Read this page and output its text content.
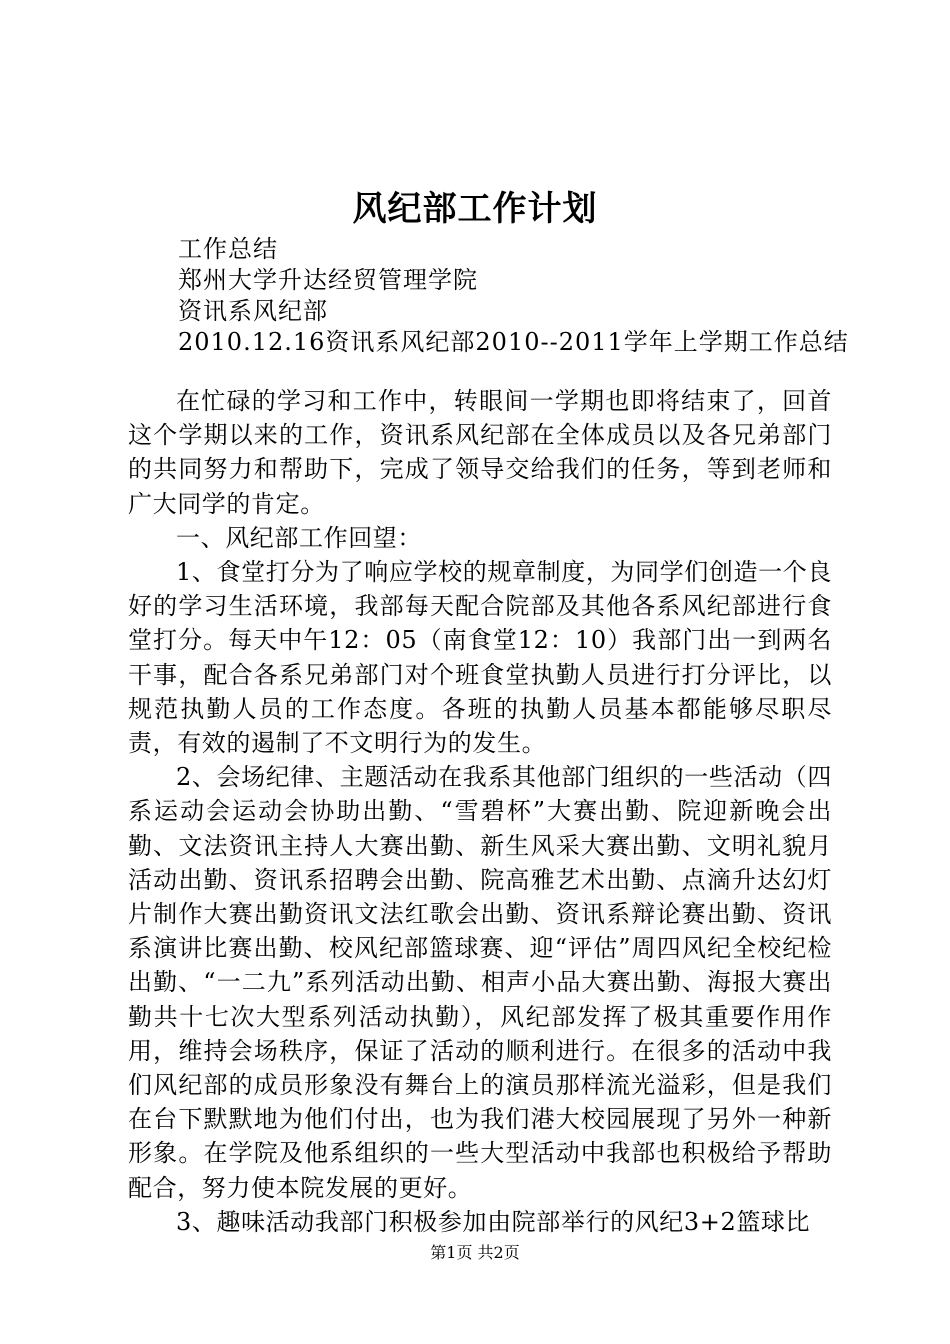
风纪部工作计划
工作总结
郑州大学升达经贸管理学院
资讯系风纪部
2010.12.16资讯系风纪部2010--2011学年上学期工作总结

在忙碌的学习和工作中，转眼间一学期也即将结束了，回首这个学期以来的工作，资讯系风纪部在全体成员以及各兄弟部门的共同努力和帮助下，完成了领导交给我们的任务，等到老师和广大同学的肯定。

一、风纪部工作回望：

1、食堂打分为了响应学校的规章制度，为同学们创造一个良好的学习生活环境，我部每天配合院部及其他各系风纪部进行食堂打分。每天中午12：05（南食堂12：10）我部门出一到两名干事，配合各系兄弟部门对个班食堂执勤人员进行打分评比，以规范执勤人员的工作态度。各班的执勤人员基本都能够尽职尽责，有效的遏制了不文明行为的发生。

2、会场纪律、主题活动在我系其他部门组织的一些活动（四系运动会运动会协助出勤、“雪碧杯”大赛出勤、院迎新晚会出勤、文法资讯主持人大赛出勤、新生风采大赛出勤、文明礼貌月活动出勤、资讯系招聘会出勤、院高雅艺术出勤、点滴升达幻灯片制作大赛出勤资讯文法红歌会出勤、资讯系辩论赛出勤、资讯系演讲比赛出勤、校风纪部篮球赛、迎“评估”周四风纪全校纪检出勤、“一二九”系列活动出勤、相声小品大赛出勤、海报大赛出勤共十七次大型系列活动执勤），风纪部发挥了极其重要作用作用，维持会场秩序，保证了活动的顺利进行。在很多的活动中我们风纪部的成员形象没有舞台上的演员那样流光溢彩，但是我们在台下默默地为他们付出，也为我们港大校园展现了另外一种新形象。在学院及他系组织的一些大型活动中我部也积极给予帮助配合，努力使本院发展的更好。

3、趣味活动我部门积极参加由院部举行的风纪3+2篮球比

第1页 共2页
